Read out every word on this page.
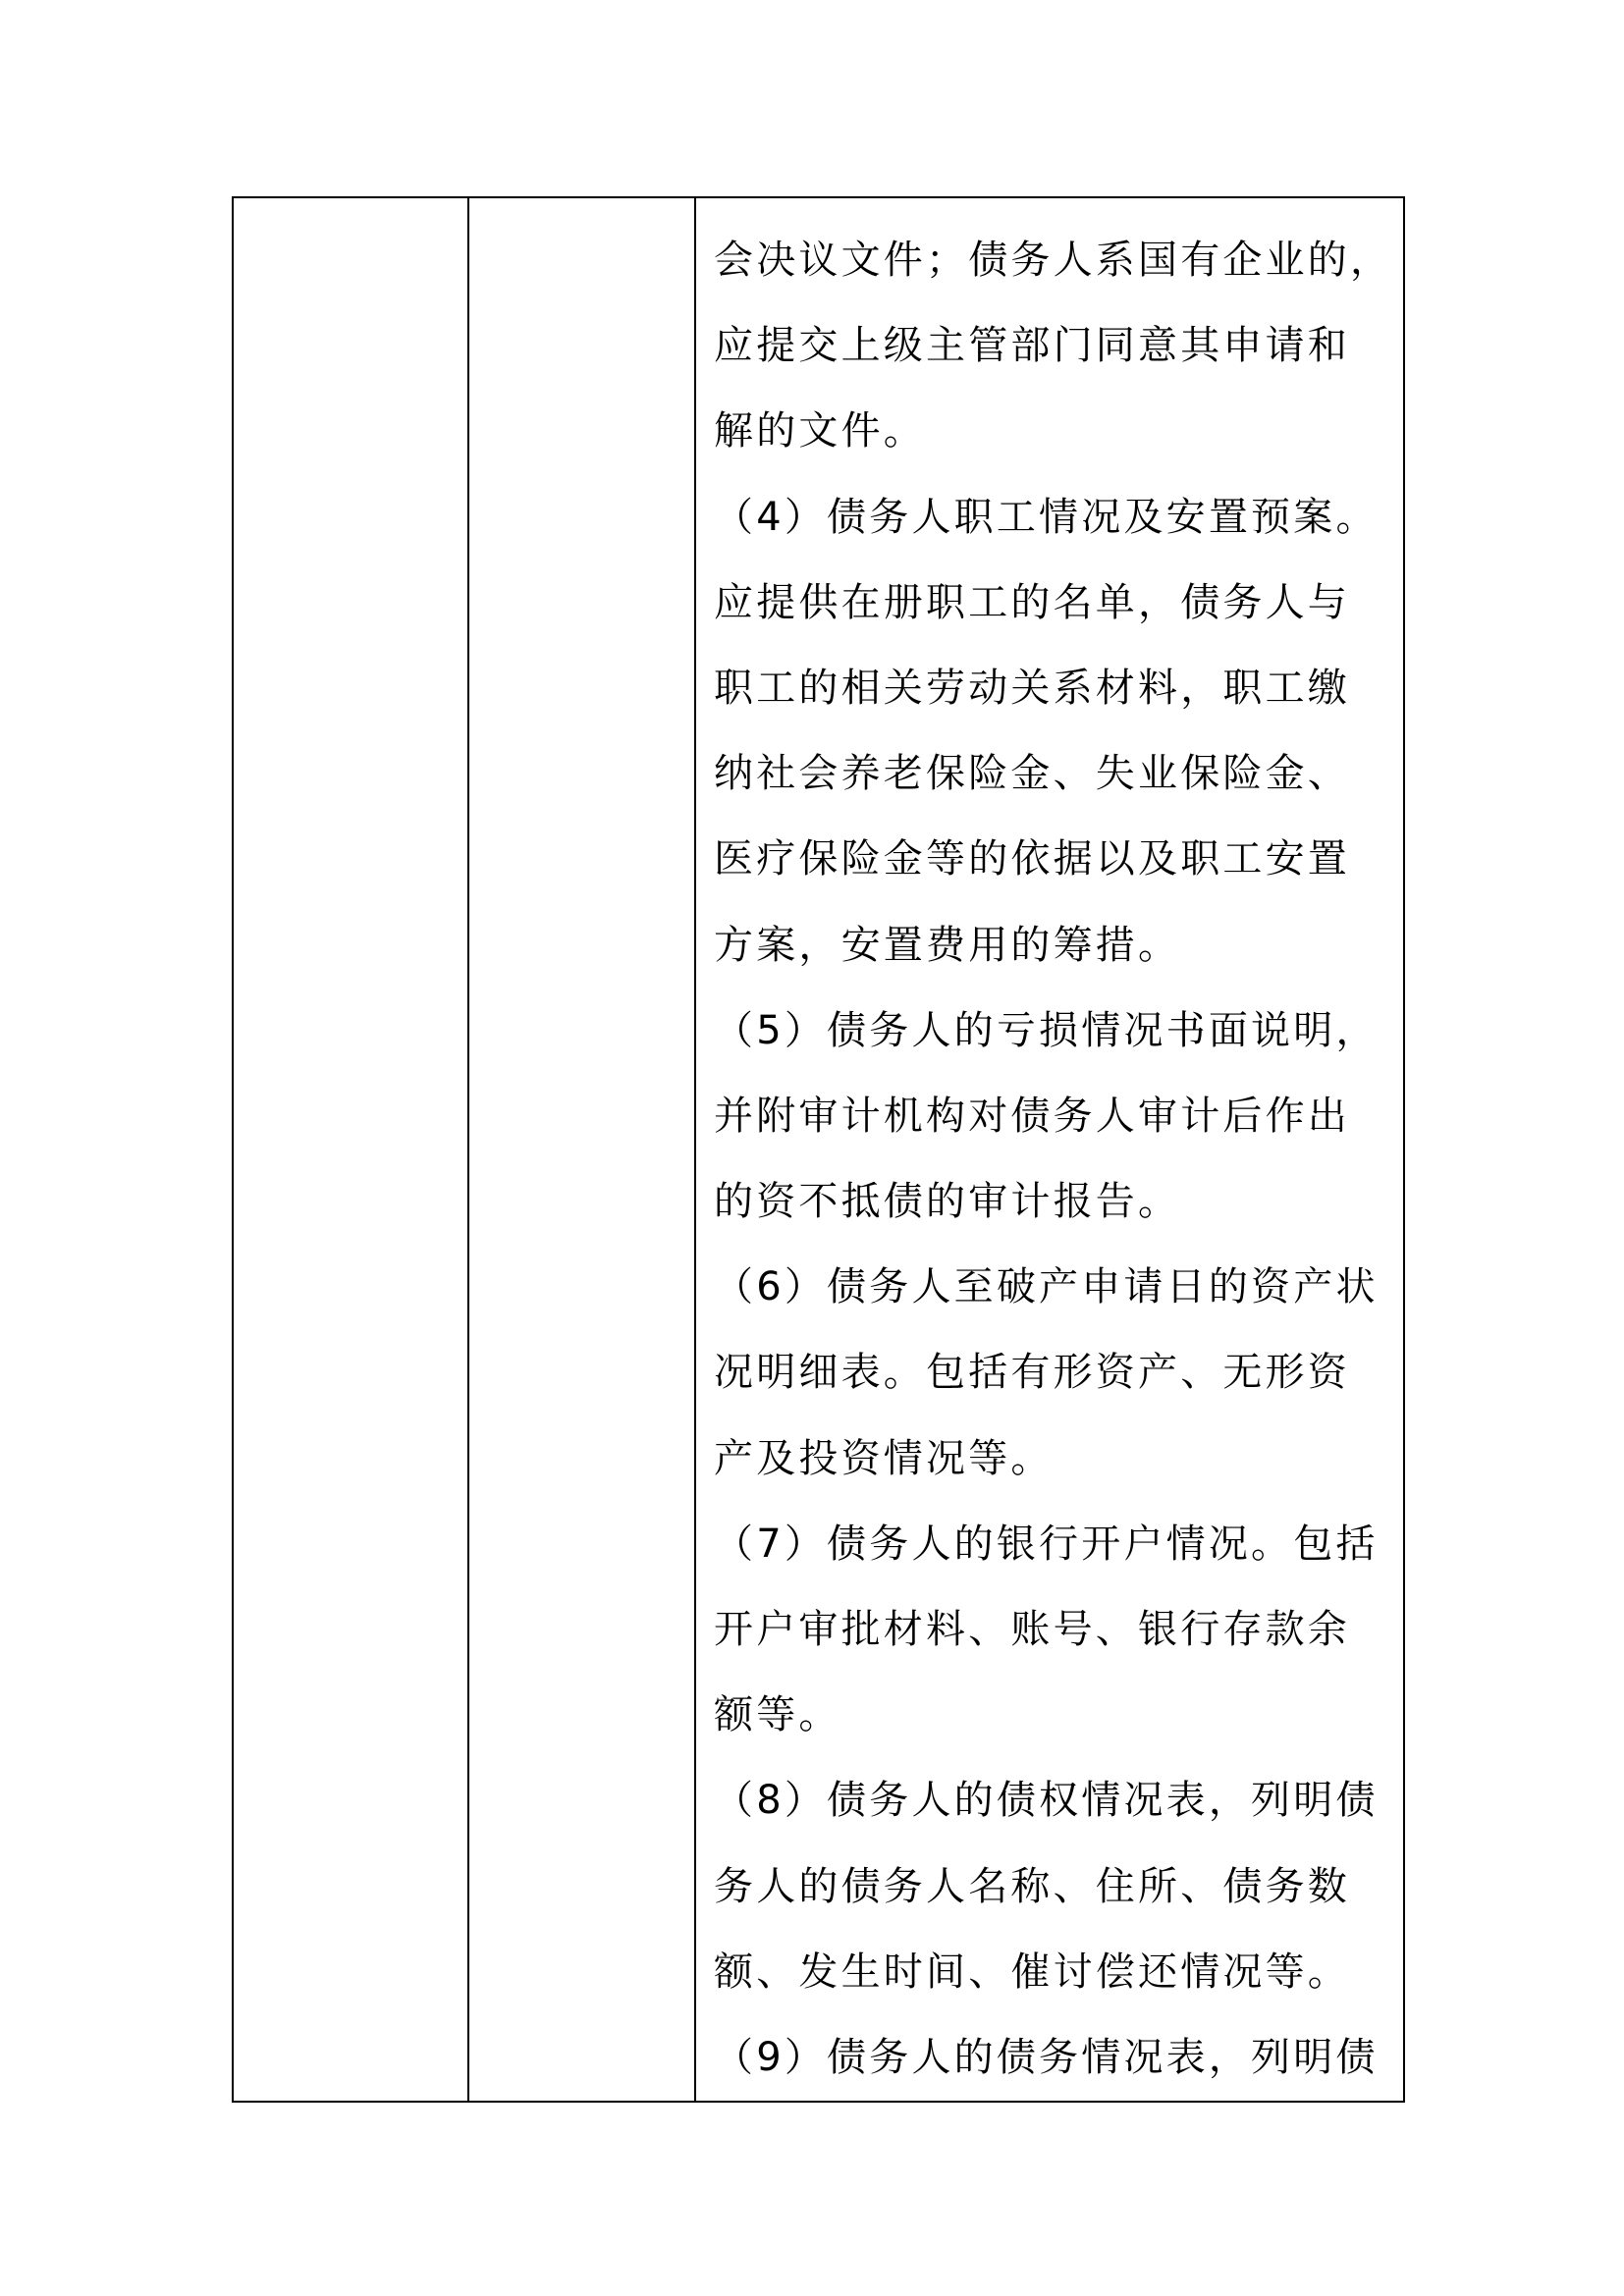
会决议文件；债务人系国有企业的，
应提交上级主管部门同意其申请和
解的文件。
（4）债务人职工情况及安置预案。
应提供在册职工的名单，债务人与
职工的相关劳动关系材料，职工缴
纳社会养老保险金、失业保险金、
医疗保险金等的依据以及职工安置
方案，安置费用的筹措。
（5）债务人的亏损情况书面说明，
并附审计机构对债务人审计后作出
的资不抵债的审计报告。
（6）债务人至破产申请日的资产状
况明细表。包括有形资产、无形资
产及投资情况等。
（7）债务人的银行开户情况。包括
开户审批材料、账号、银行存款余
额等。
（8）债务人的债权情况表，列明债
务人的债务人名称、住所、债务数
额、发生时间、催讨偿还情况等。
（9）债务人的债务情况表，列明债
